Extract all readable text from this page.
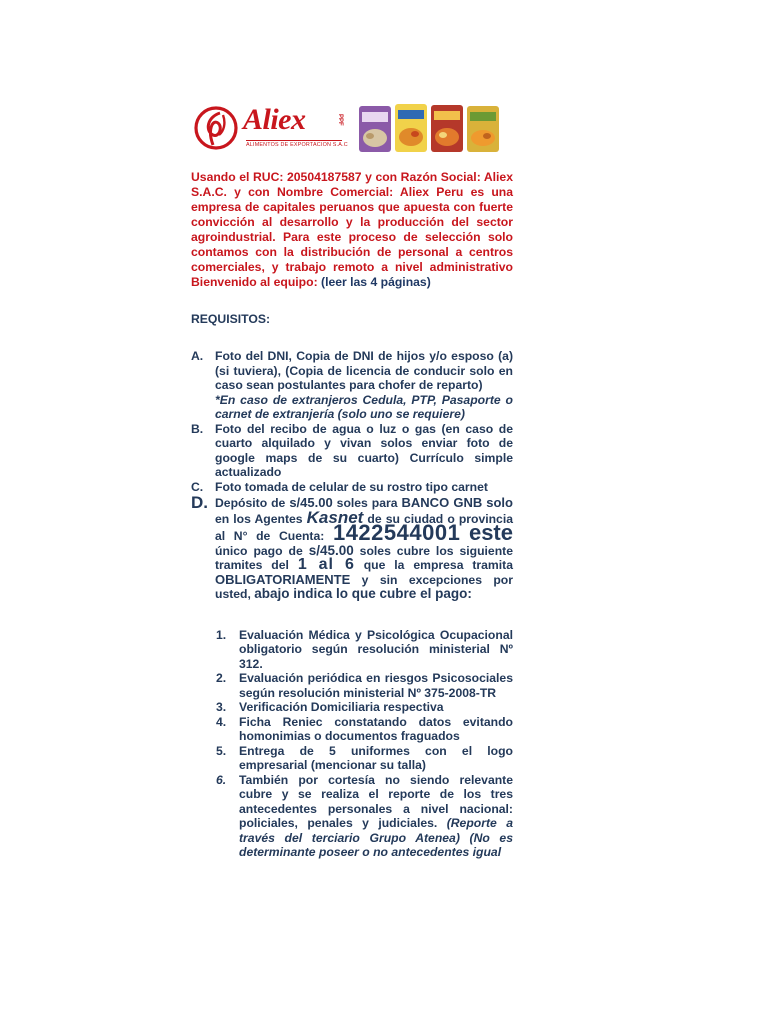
Aliex	PPF
ALIMENTOS DE EXPORTACION S.A.C

Usando el RUC: 20504187587 y con Razón Social: Aliex S.A.C. y con Nombre Comercial: Aliex Peru es una empresa de capitales peruanos que apuesta con fuerte convicción al desarrollo y la producción del sector agroindustrial. Para este proceso de selección solo contamos con la distribución de personal a centros comerciales, y trabajo remoto a nivel administrativo Bienvenido al equipo: (leer las 4 páginas)

REQUISITOS:
A. Foto del DNI, Copia de DNI de hijos y/o esposo (a) (si tuviera), (Copia de licencia de conducir solo en caso sean postulantes para chofer de reparto)
*En caso de extranjeros Cedula, PTP, Pasaporte o carnet de extranjería (solo uno se requiere)
B. Foto del recibo de agua o luz o gas (en caso de cuarto alquilado y vivan solos enviar foto de google maps de su cuarto) Currículo simple actualizado
C. Foto tomada de celular de su rostro tipo carnet
D. Depósito de s/45.00 soles para BANCO GNB solo en los Agentes Kasnet de su ciudad o provincia al N° de Cuenta: 1422544001 este único pago de s/45.00 soles cubre los siguiente tramites del 1 al 6 que la empresa tramita OBLIGATORIAMENTE y sin excepciones por usted, abajo indica lo que cubre el pago:
1. Evaluación Médica y Psicológica Ocupacional obligatorio según resolución ministerial Nº 312.
2. Evaluación periódica en riesgos Psicosociales según resolución ministerial Nº 375-2008-TR
3. Verificación Domiciliaria respectiva
4. Ficha Reniec constatando datos evitando homonimias o documentos fraguados
5. Entrega de 5 uniformes con el logo empresarial (mencionar su talla)
6. También por cortesía no siendo relevante cubre y se realiza el reporte de los tres antecedentes personales a nivel nacional: policiales, penales y judiciales. (Reporte a través del terciario Grupo Atenea) (No es determinante poseer o no antecedentes igual
